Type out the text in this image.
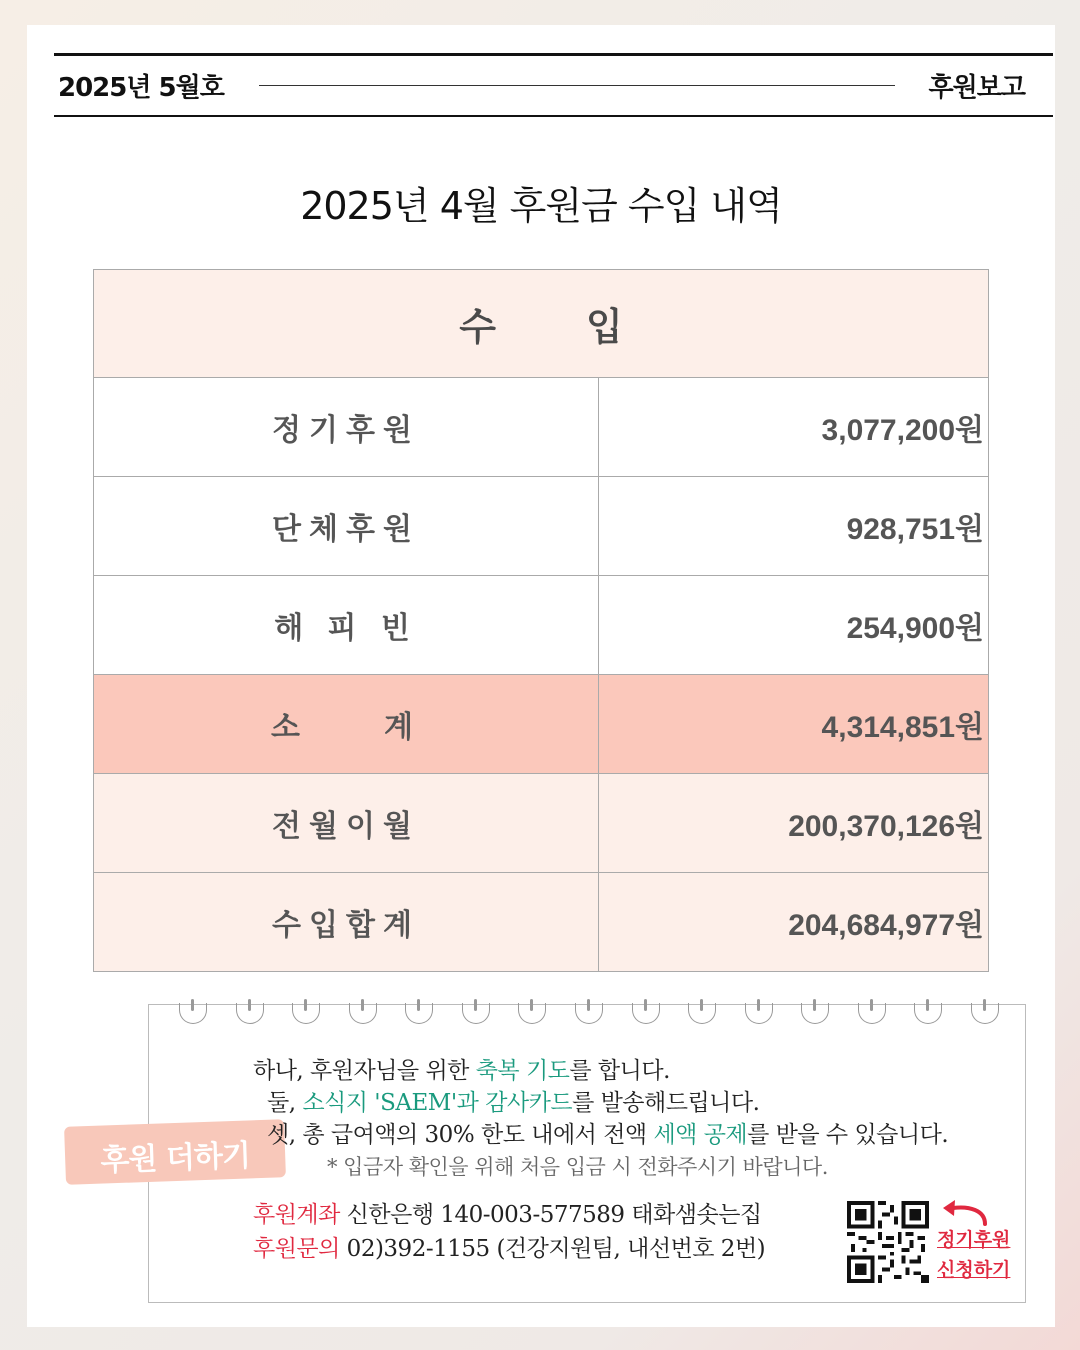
2025년 5월호	후원보고
2025년 4월 후원금 수입 내역
수 입	
정기후원	3,077,200원
단체후원	928,751원
해 피 빈	254,900원
소　　계	4,314,851원
전월이월	200,370,126원
수입합계	204,684,977원
후원 더하기
하나, 후원자님을 위한 축복 기도를 합니다.
둘, 소식지 'SAEM'과 감사카드를 발송해드립니다.
셋, 총 급여액의 30% 한도 내에서 전액 세액 공제를 받을 수 있습니다.
* 입금자 확인을 위해 처음 입금 시 전화주시기 바랍니다.
후원계좌 신한은행 140-003-577589 태화샘솟는집
후원문의 02)392-1155 (건강지원팀, 내선번호 2번)	정기후원
신청하기
